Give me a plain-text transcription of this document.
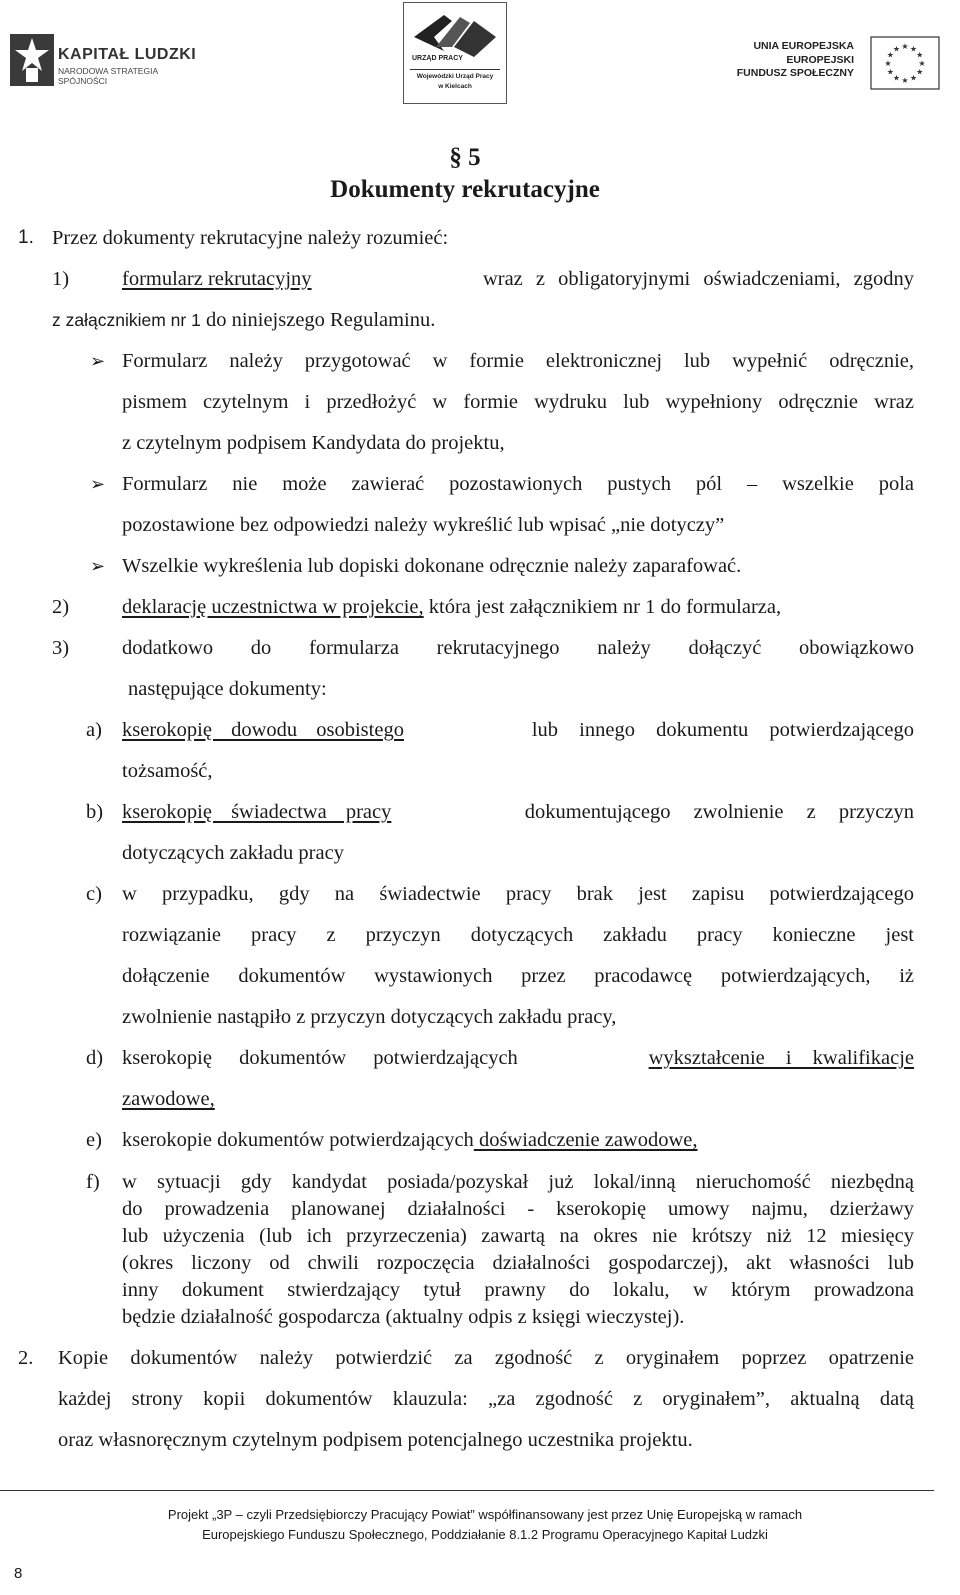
KAPITAŁ LUDZKI
NARODOWA STRATEGIA SPÓJNOŚCI
URZĄD PRACY
Wojewódzki Urząd Pracy
w Kielcach
UNIA EUROPEJSKA
EUROPEJSKI
FUNDUSZ SPOŁECZNY
★
★
★
★
★
★
★
★
★ ★ ★
★
§ 5
Dokumenty rekrutacyjne
1. Przez dokumenty rekrutacyjne należy rozumieć:
1)	formularz rekrutacyjny	wraz z obligatoryjnymi oświadczeniami, zgodny
z załącznikiem nr 1 do niniejszego Regulaminu.
➢ Formularz należy przygotować w formie elektronicznej lub wypełnić odręcznie,
pismem czytelnym i przedłożyć w formie wydruku lub wypełniony odręcznie wraz
z czytelnym podpisem Kandydata do projektu,
➢ Formularz nie może zawierać pozostawionych pustych pól – wszelkie pola
pozostawione bez odpowiedzi należy wykreślić lub wpisać „nie dotyczy”
➢ Wszelkie wykreślenia lub dopiski dokonane odręcznie należy zaparafować.
2)	deklarację uczestnictwa w projekcie, która jest załącznikiem nr 1 do formularza,
3)	dodatkowo do formularza rekrutacyjnego należy dołączyć obowiązkowo
następujące dokumenty:
a) kserokopię dowodu osobistego	lub innego dokumentu potwierdzającego
tożsamość,
b) kserokopię świadectwa pracy	dokumentującego zwolnienie z przyczyn
dotyczących zakładu pracy
c) w przypadku, gdy na świadectwie pracy brak jest zapisu potwierdzającego
rozwiązanie pracy z przyczyn dotyczących zakładu pracy konieczne jest
dołączenie dokumentów wystawionych przez pracodawcę potwierdzających, iż
zwolnienie nastąpiło z przyczyn dotyczących zakładu pracy,
d) kserokopię dokumentów potwierdzających	wykształcenie i kwalifikacje
zawodowe,
e) kserokopie dokumentów potwierdzających doświadczenie zawodowe,
f) w sytuacji gdy kandydat posiada/pozyskał już lokal/inną nieruchomość niezbędną
do prowadzenia planowanej działalności - kserokopię umowy najmu, dzierżawy
lub użyczenia (lub ich przyrzeczenia) zawartą na okres nie krótszy niż 12 miesięcy
(okres liczony od chwili rozpoczęcia działalności gospodarczej), akt własności lub
inny dokument stwierdzający tytuł prawny do lokalu, w którym prowadzona
będzie działalność gospodarcza (aktualny odpis z księgi wieczystej).
2. Kopie dokumentów należy potwierdzić za zgodność z oryginałem poprzez opatrzenie
każdej strony kopii dokumentów klauzula: „za zgodność z oryginałem”, aktualną datą
oraz własnoręcznym czytelnym podpisem potencjalnego uczestnika projektu.
Projekt „3P – czyli Przedsiębiorczy Pracujący Powiat” współfinansowany jest przez Unię Europejską w ramach
Europejskiego Funduszu Społecznego, Poddziałanie 8.1.2 Programu Operacyjnego Kapitał Ludzki
8
